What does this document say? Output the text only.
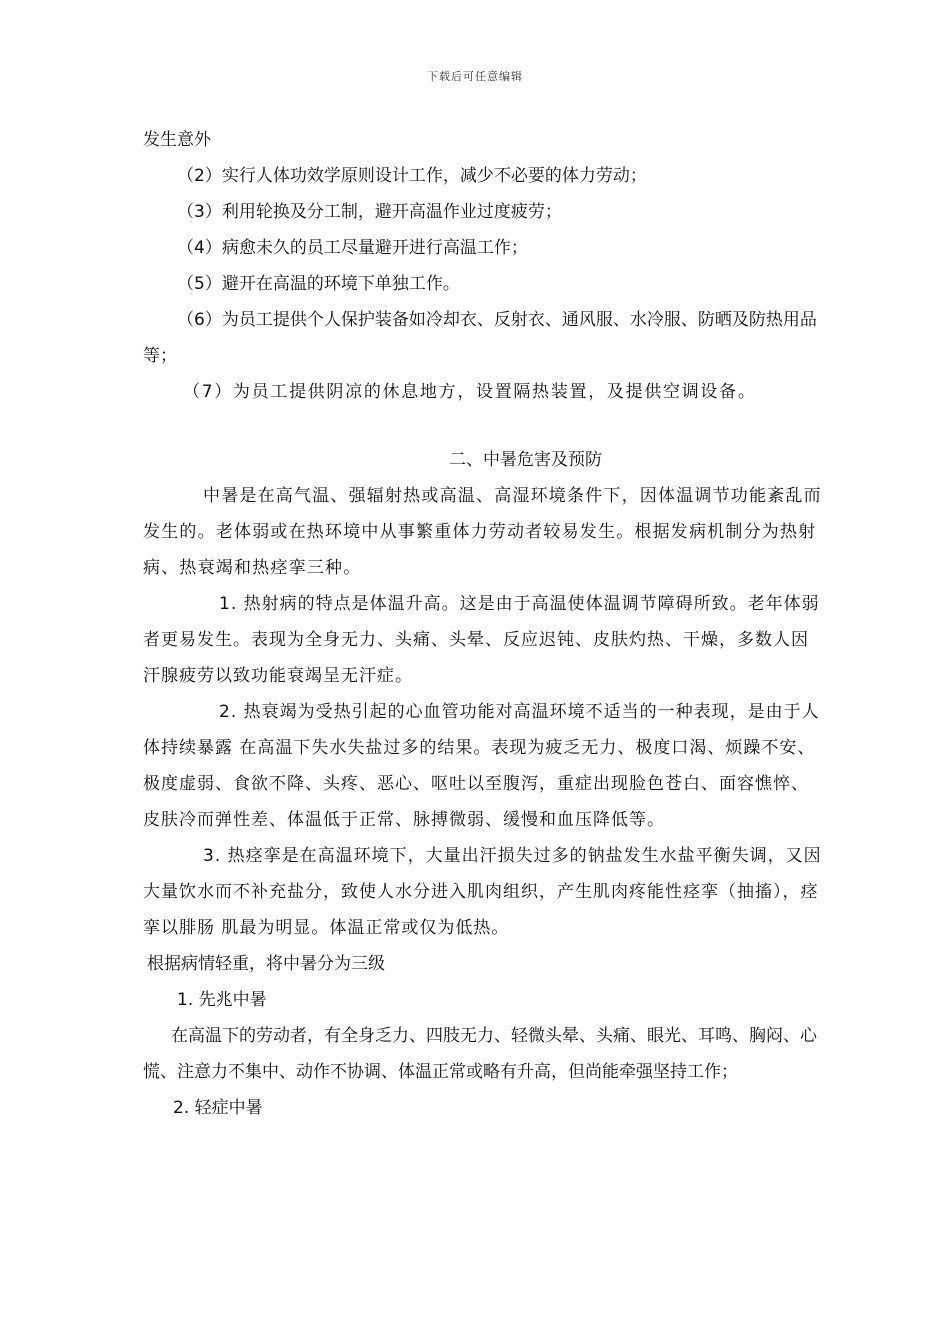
下载后可任意编辑

发生意外

（2）实行人体功效学原则设计工作，减少不必要的体力劳动；

（3）利用轮换及分工制，避开高温作业过度疲劳；

（4）病愈未久的员工尽量避开进行高温工作；

（5）避开在高温的环境下单独工作。

（6）为员工提供个人保护装备如冷却衣、反射衣、通风服、水冷服、防晒及防热用品等；

（7）为员工提供阴凉的休息地方，设置隔热装置，及提供空调设备。

二、中暑危害及预防

中暑是在高气温、强辐射热或高温、高湿环境条件下，因体温调节功能紊乱而发生的。老体弱或在热环境中从事繁重体力劳动者较易发生。根据发病机制分为热射病、热衰竭和热痉挛三种。

1. 热射病的特点是体温升高。这是由于高温使体温调节障碍所致。老年体弱者更易发生。表现为全身无力、头痛、头晕、反应迟钝、皮肤灼热、干燥，多数人因汗腺疲劳以致功能衰竭呈无汗症。

2. 热衰竭为受热引起的心血管功能对高温环境不适当的一种表现，是由于人体持续暴露 在高温下失水失盐过多的结果。表现为疲乏无力、极度口渴、烦躁不安、极度虚弱、食欲不降、头疼、恶心、呕吐以至腹泻，重症出现脸色苍白、面容憔悴、皮肤冷而弹性差、体温低于正常、脉搏微弱、缓慢和血压降低等。

3. 热痉挛是在高温环境下，大量出汗损失过多的钠盐发生水盐平衡失调，又因大量饮水而不补充盐分，致使人水分进入肌肉组织，产生肌肉疼能性痉挛（抽搐），痉挛以腓肠 肌最为明显。体温正常或仅为低热。

根据病情轻重，将中暑分为三级

1. 先兆中暑

在高温下的劳动者，有全身乏力、四肢无力、轻微头晕、头痛、眼光、耳鸣、胸闷、心慌、注意力不集中、动作不协调、体温正常或略有升高，但尚能牵强坚持工作；

2. 轻症中暑
